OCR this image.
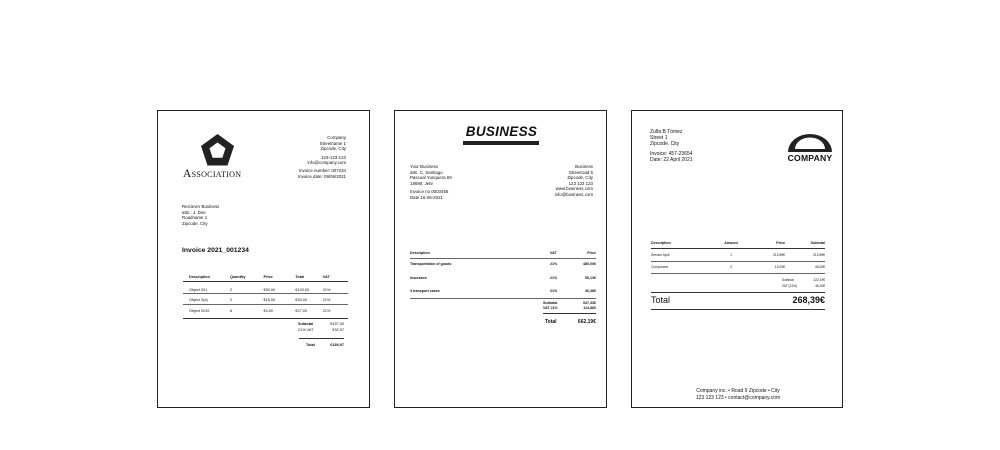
Association
Company
Streetname 1
Zipcode, City
123-123-123
info@company.com
Invoice number: 007234
Invoice date: 09/06/2021
Reiciever Business
attn.: J. Doe
Roadname 1
Zipcode, City
Invoice 2021_001234
Description	Quantity	Price	Total	VAT
Object 001	2	€50,00	€100,00	21%
Object 2(a)	2	€15,00	€30,00	21%
Object 0032	6	€4,50	€27,00	21%
Subtotal	€157,00
21% VAT	€32,97
Total	€189,97
BUSINESS
Your Business
attn. C. Santiago
Pascual Yunquera 69
18690, Jete
Invoice no 0003456
Date 16-06-2021
Business
Streetroad 5
Zipcode, City
123 123 123
www.business.com
info@business.com
Description	VAT	Price
Transportation of goods	21%	480,00€
Insurance	21%	55,13€
3 transport cases	21%	36,38€
Subtotal	547,33€
VAT 21%	114,86€
Total	662,19€
Zulfa B Tómez
Street 1
Zipcode, City
Invoice: 457-23654
Date: 22 April 2021	COMPANY
Description	Amount	Price	Subtotal
Service April	1	213,59€	213,59€
Component	3	15,00€	45,00€
Subtotal	222,19€
VAT (21%)	46,20€
Total	268,39€
Company inc. • Road 9 Zipcode • City
123 123 123 • contact@company.com
